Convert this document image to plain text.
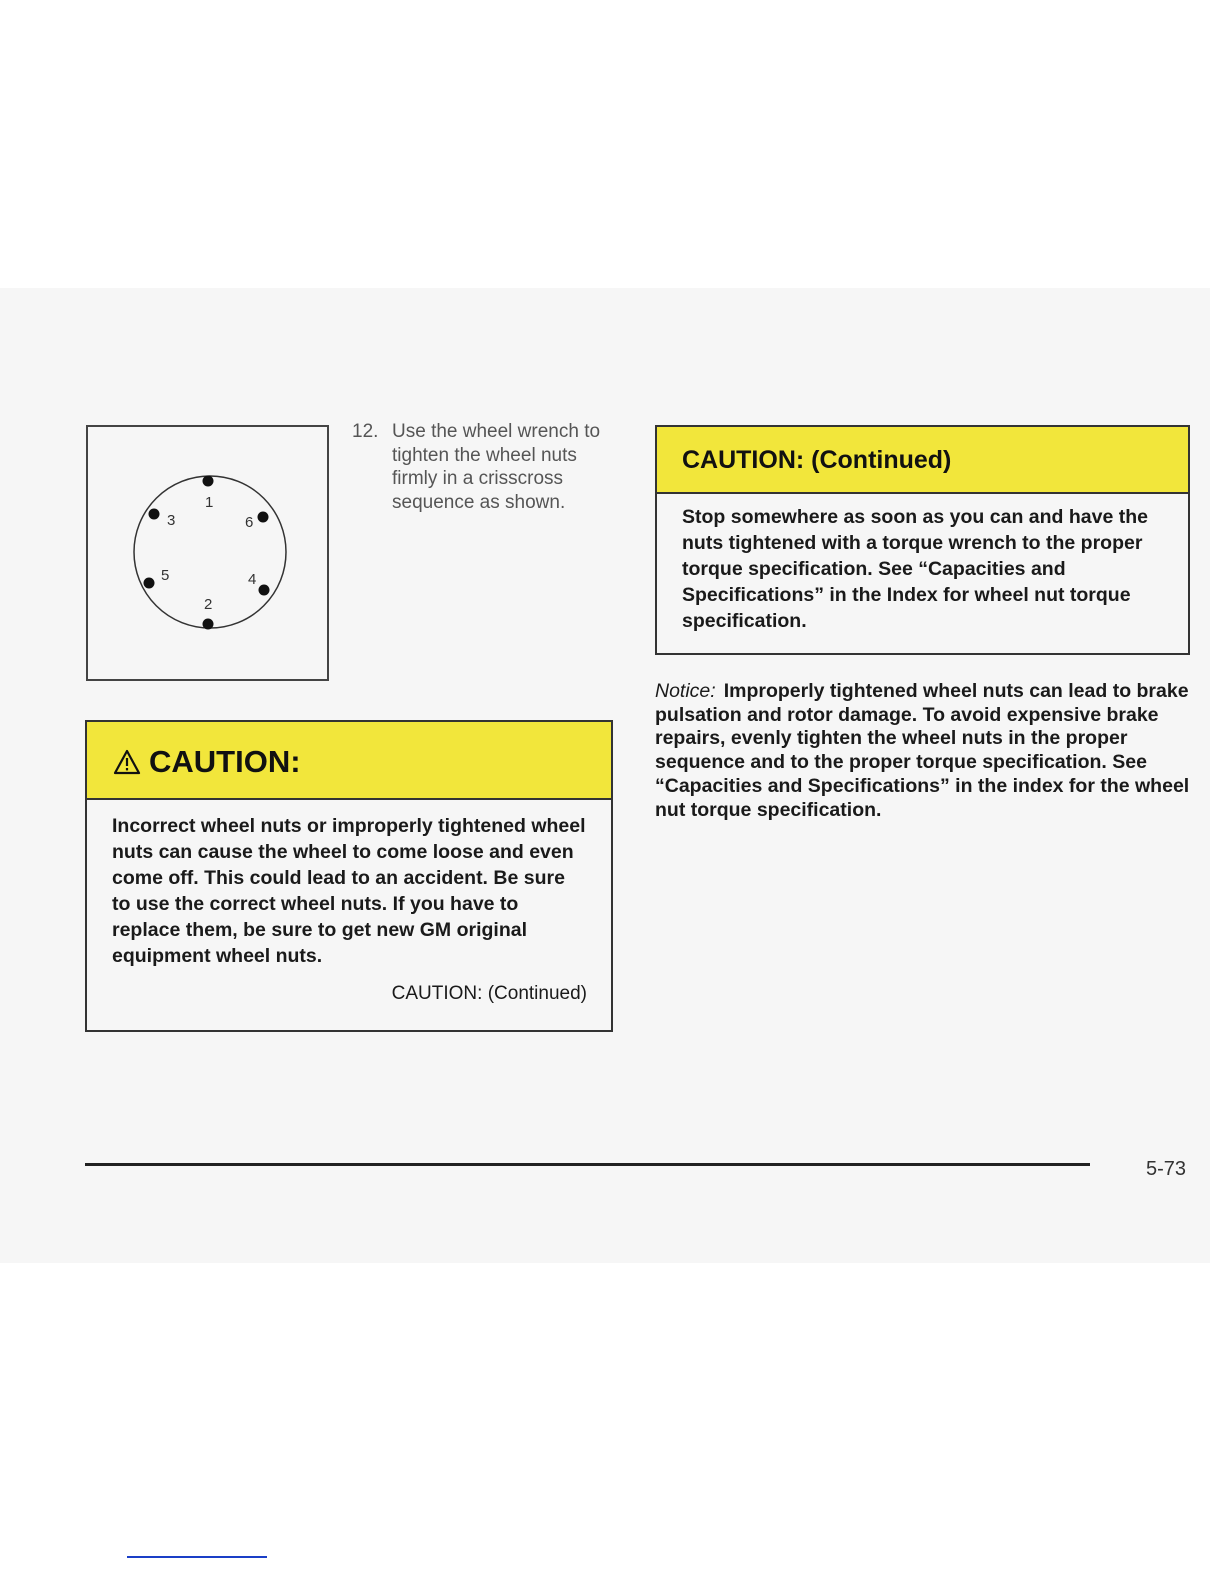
1
2
3
4
5
6
12. Use the wheel wrench to tighten the wheel nuts firmly in a crisscross sequence as shown.
CAUTION:
Incorrect wheel nuts or improperly tightened wheel nuts can cause the wheel to come loose and even come off. This could lead to an accident. Be sure to use the correct wheel nuts. If you have to replace them, be sure to get new GM original equipment wheel nuts.
CAUTION: (Continued)
CAUTION: (Continued)
Stop somewhere as soon as you can and have the nuts tightened with a torque wrench to the proper torque specification. See “Capacities and Specifications” in the Index for wheel nut torque specification.
Notice: Improperly tightened wheel nuts can lead to brake pulsation and rotor damage. To avoid expensive brake repairs, evenly tighten the wheel nuts in the proper sequence and to the proper torque specification. See “Capacities and Specifications” in the index for the wheel nut torque specification.
5-73
